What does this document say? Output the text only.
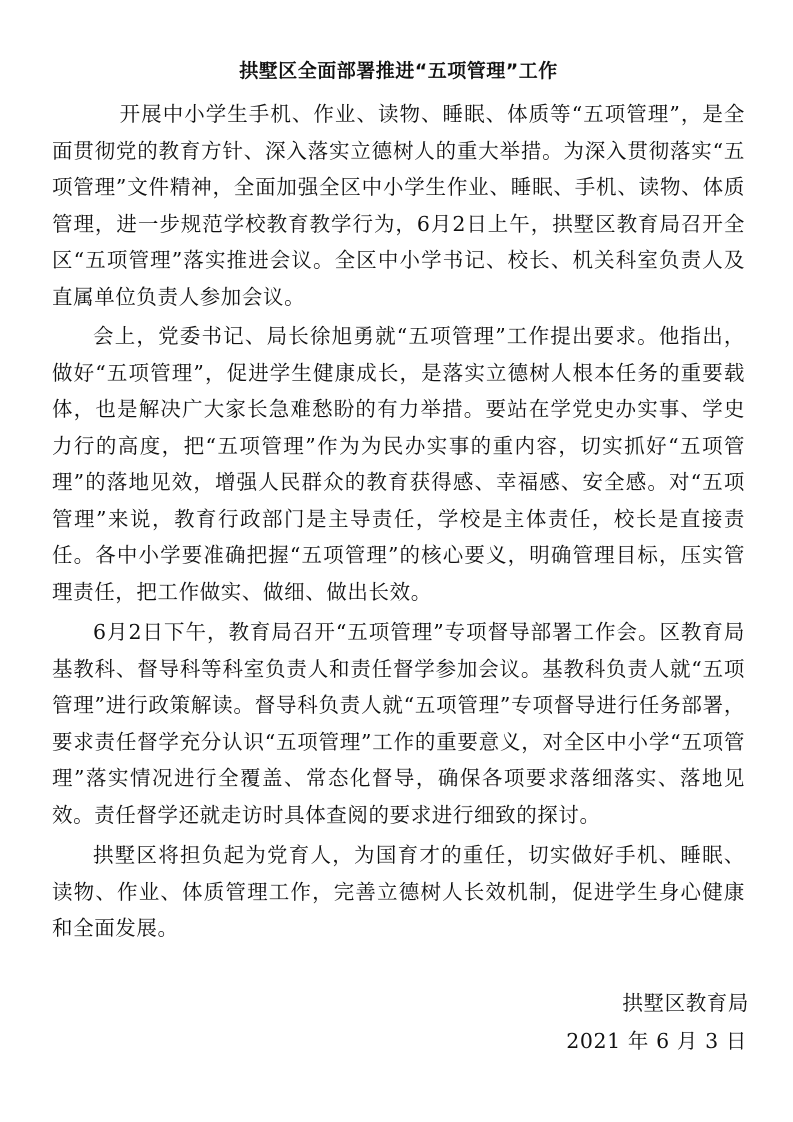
拱墅区全面部署推进“五项管理”工作

开展中小学生手机、作业、读物、睡眠、体质等“五项管理”，是全面贯彻党的教育方针、深入落实立德树人的重大举措。为深入贯彻落实“五项管理”文件精神，全面加强全区中小学生作业、睡眠、手机、读物、体质管理，进一步规范学校教育教学行为，6月2日上午，拱墅区教育局召开全区“五项管理”落实推进会议。全区中小学书记、校长、机关科室负责人及直属单位负责人参加会议。

会上，党委书记、局长徐旭勇就“五项管理”工作提出要求。他指出，做好“五项管理”，促进学生健康成长，是落实立德树人根本任务的重要载体，也是解决广大家长急难愁盼的有力举措。要站在学党史办实事、学史力行的高度，把“五项管理”作为为民办实事的重内容，切实抓好“五项管理”的落地见效，增强人民群众的教育获得感、幸福感、安全感。对“五项管理”来说，教育行政部门是主导责任，学校是主体责任，校长是直接责任。各中小学要准确把握“五项管理”的核心要义，明确管理目标，压实管理责任，把工作做实、做细、做出长效。

6月2日下午，教育局召开“五项管理”专项督导部署工作会。区教育局基教科、督导科等科室负责人和责任督学参加会议。基教科负责人就“五项管理”进行政策解读。督导科负责人就“五项管理”专项督导进行任务部署，要求责任督学充分认识“五项管理”工作的重要意义，对全区中小学“五项管理”落实情况进行全覆盖、常态化督导，确保各项要求落细落实、落地见效。责任督学还就走访时具体查阅的要求进行细致的探讨。

拱墅区将担负起为党育人，为国育才的重任，切实做好手机、睡眠、读物、作业、体质管理工作，完善立德树人长效机制，促进学生身心健康和全面发展。

拱墅区教育局
2021 年 6 月 3 日
